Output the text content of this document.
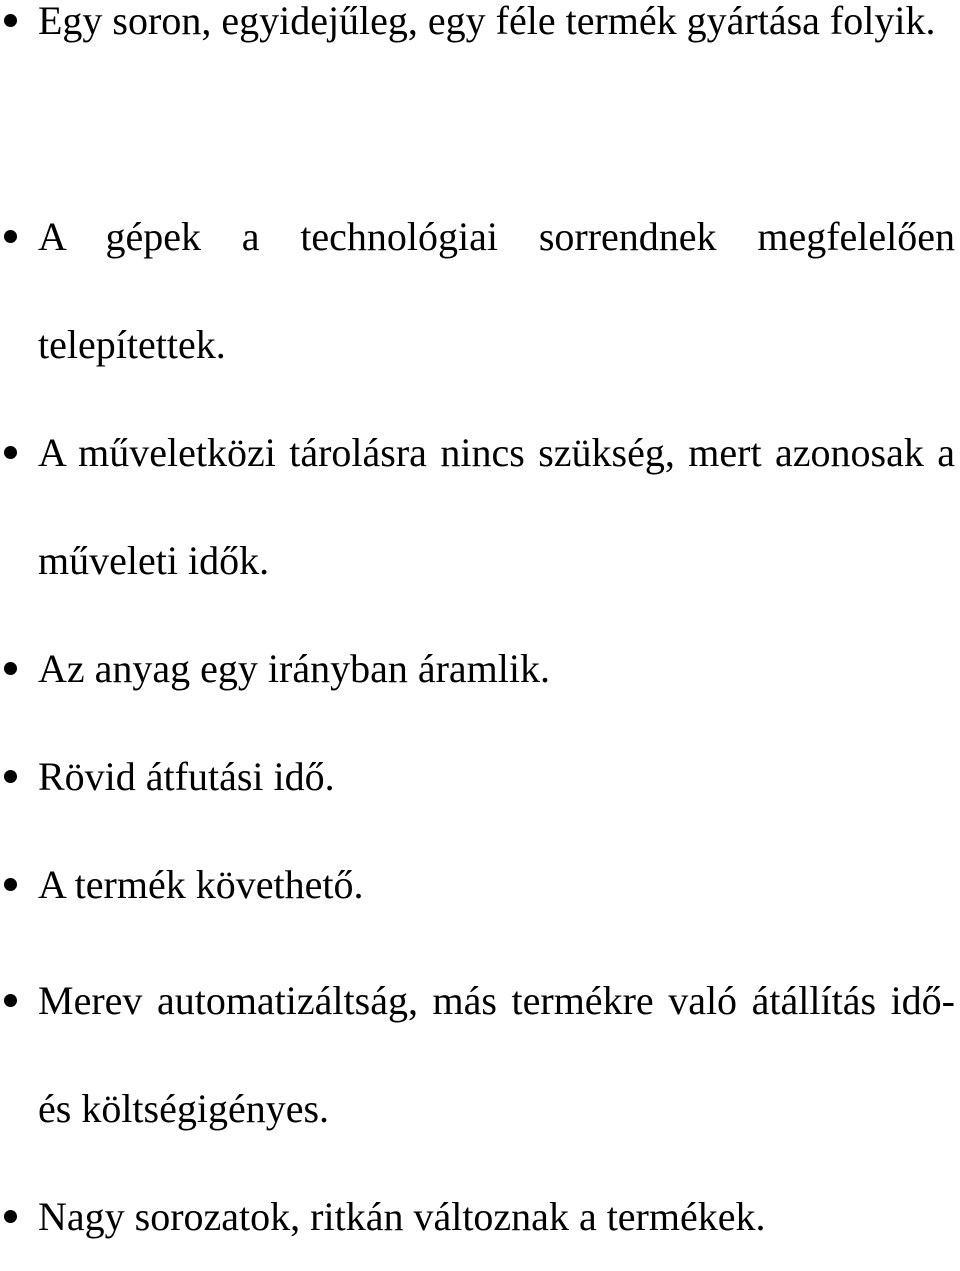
Egy soron, egyidejűleg, egy féle termék gyártása folyik.
A gépek a technológiai sorrendnek megfelelően telepítettek.
A műveletközi tárolásra nincs szükség, mert azonosak a műveleti idők.
Az anyag egy irányban áramlik.
Rövid átfutási idő.
A termék követhető.
Merev automatizáltság, más termékre való átállítás idő- és költségigényes.
Nagy sorozatok, ritkán változnak a termékek.
